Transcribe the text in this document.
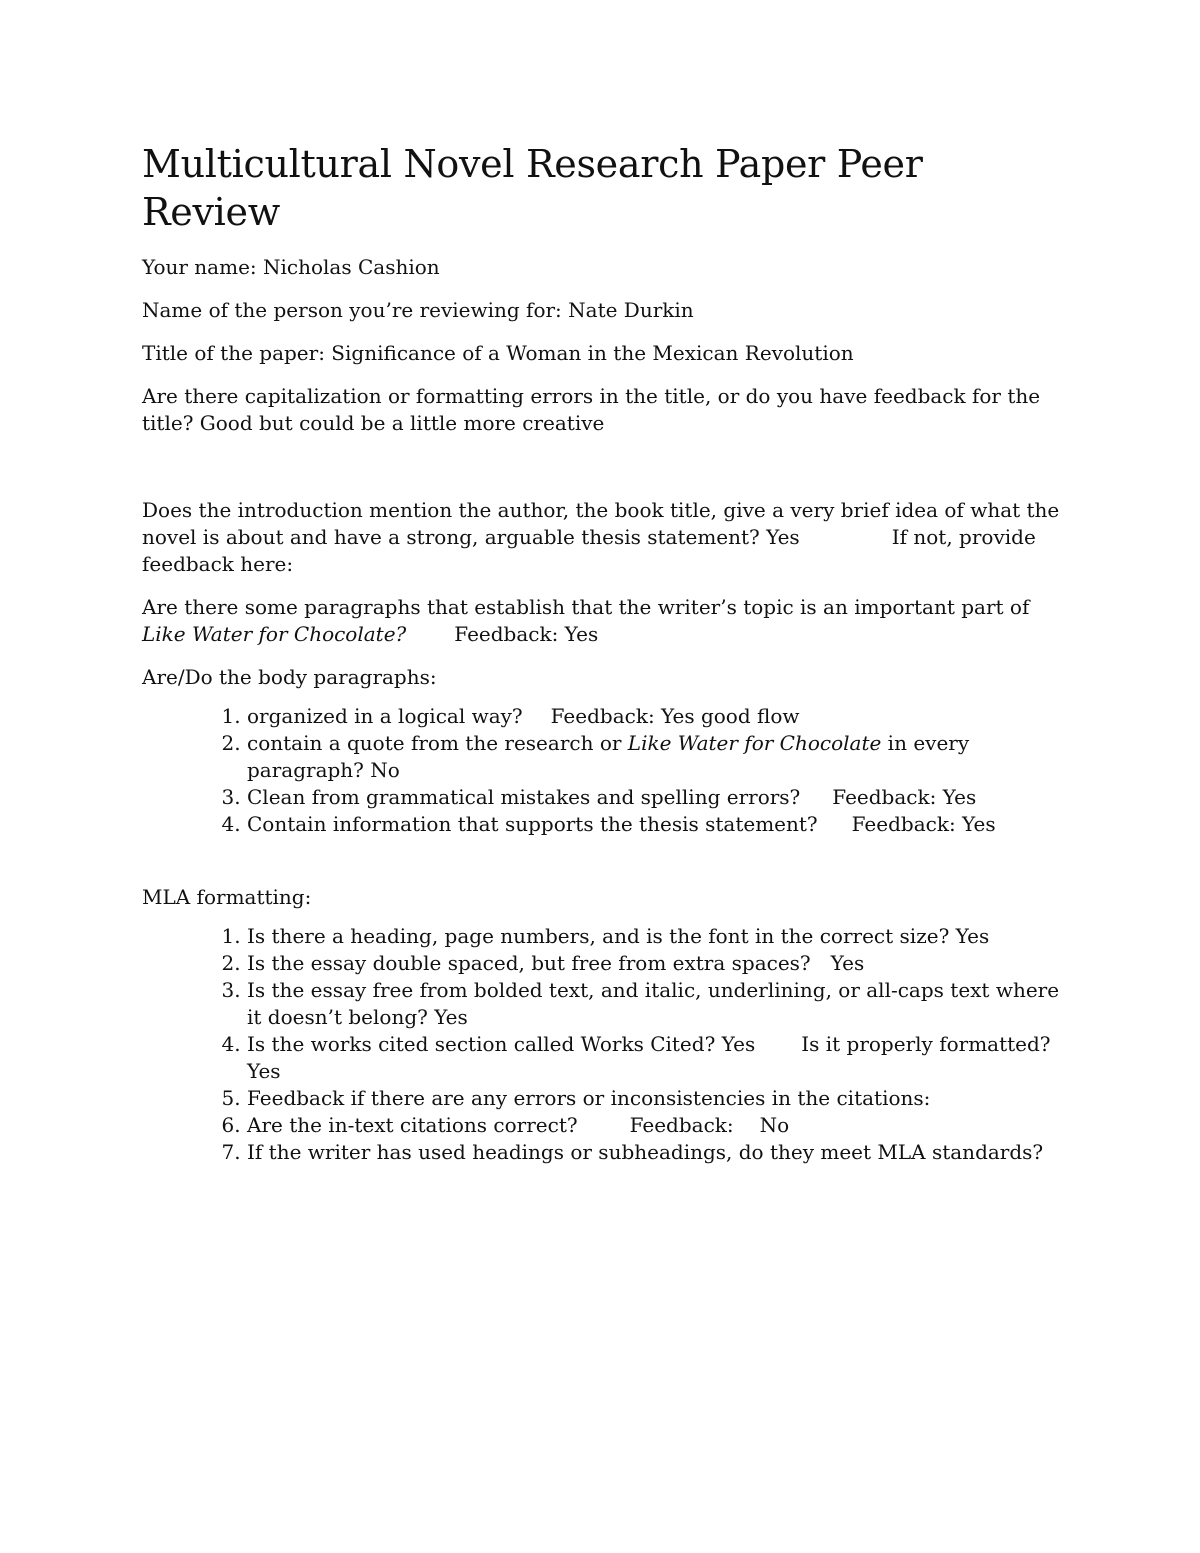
Multicultural Novel Research Paper Peer Review

Your name: Nicholas Cashion

Name of the person you’re reviewing for: Nate Durkin

Title of the paper: Significance of a Woman in the Mexican Revolution

Are there capitalization or formatting errors in the title, or do you have feedback for the title? Good but could be a little more creative

Does the introduction mention the author, the book title, give a very brief idea of what the novel is about and have a strong, arguable thesis statement? Yes	If not, provide feedback here:

Are there some paragraphs that establish that the writer’s topic is an important part of Like Water for Chocolate? Feedback: Yes

Are/Do the body paragraphs:

1. organized in a logical way? Feedback: Yes good flow
2. contain a quote from the research or Like Water for Chocolate in every paragraph? No
3. Clean from grammatical mistakes and spelling errors? Feedback: Yes
4. Contain information that supports the thesis statement? Feedback: Yes

MLA formatting:

1. Is there a heading, page numbers, and is the font in the correct size? Yes
2. Is the essay double spaced, but free from extra spaces? Yes
3. Is the essay free from bolded text, and italic, underlining, or all-caps text where it doesn’t belong? Yes
4. Is the works cited section called Works Cited? Yes Is it properly formatted? Yes
5. Feedback if there are any errors or inconsistencies in the citations:
6. Are the in-text citations correct?	Feedback: No
7. If the writer has used headings or subheadings, do they meet MLA standards?
